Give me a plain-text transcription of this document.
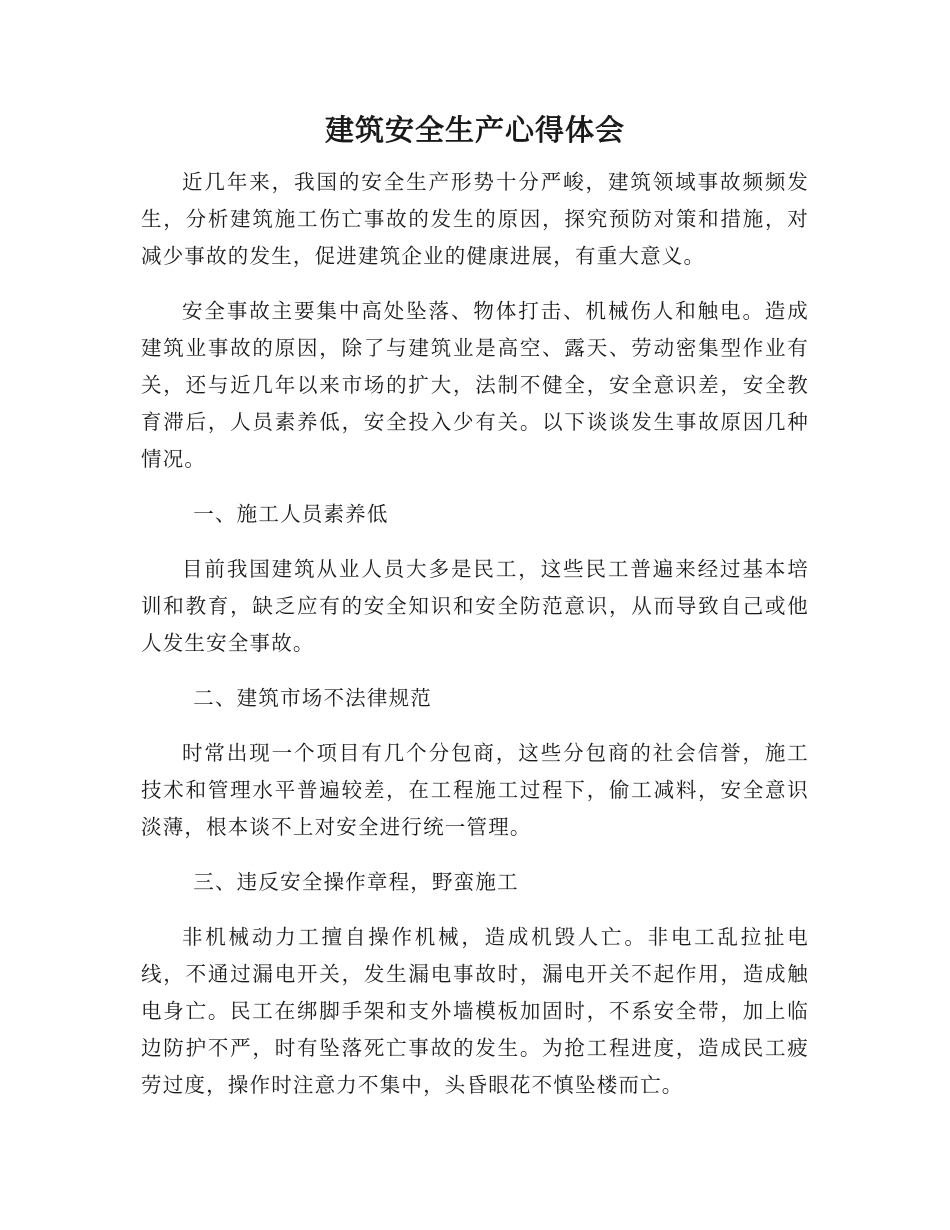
建筑安全生产心得体会

近几年来，我国的安全生产形势十分严峻，建筑领域事故频频发生，分析建筑施工伤亡事故的发生的原因，探究预防对策和措施，对减少事故的发生，促进建筑企业的健康进展，有重大意义。

安全事故主要集中高处坠落、物体打击、机械伤人和触电。造成建筑业事故的原因，除了与建筑业是高空、露天、劳动密集型作业有关，还与近几年以来市场的扩大，法制不健全，安全意识差，安全教育滞后，人员素养低，安全投入少有关。以下谈谈发生事故原因几种情况。

一、施工人员素养低

目前我国建筑从业人员大多是民工，这些民工普遍来经过基本培训和教育，缺乏应有的安全知识和安全防范意识，从而导致自己或他人发生安全事故。

二、建筑市场不法律规范

时常出现一个项目有几个分包商，这些分包商的社会信誉，施工技术和管理水平普遍较差，在工程施工过程下，偷工减料，安全意识淡薄，根本谈不上对安全进行统一管理。

三、违反安全操作章程，野蛮施工

非机械动力工擅自操作机械，造成机毁人亡。非电工乱拉扯电线，不通过漏电开关，发生漏电事故时，漏电开关不起作用，造成触电身亡。民工在绑脚手架和支外墙模板加固时，不系安全带，加上临边防护不严，时有坠落死亡事故的发生。为抢工程进度，造成民工疲劳过度，操作时注意力不集中，头昏眼花不慎坠楼而亡。
